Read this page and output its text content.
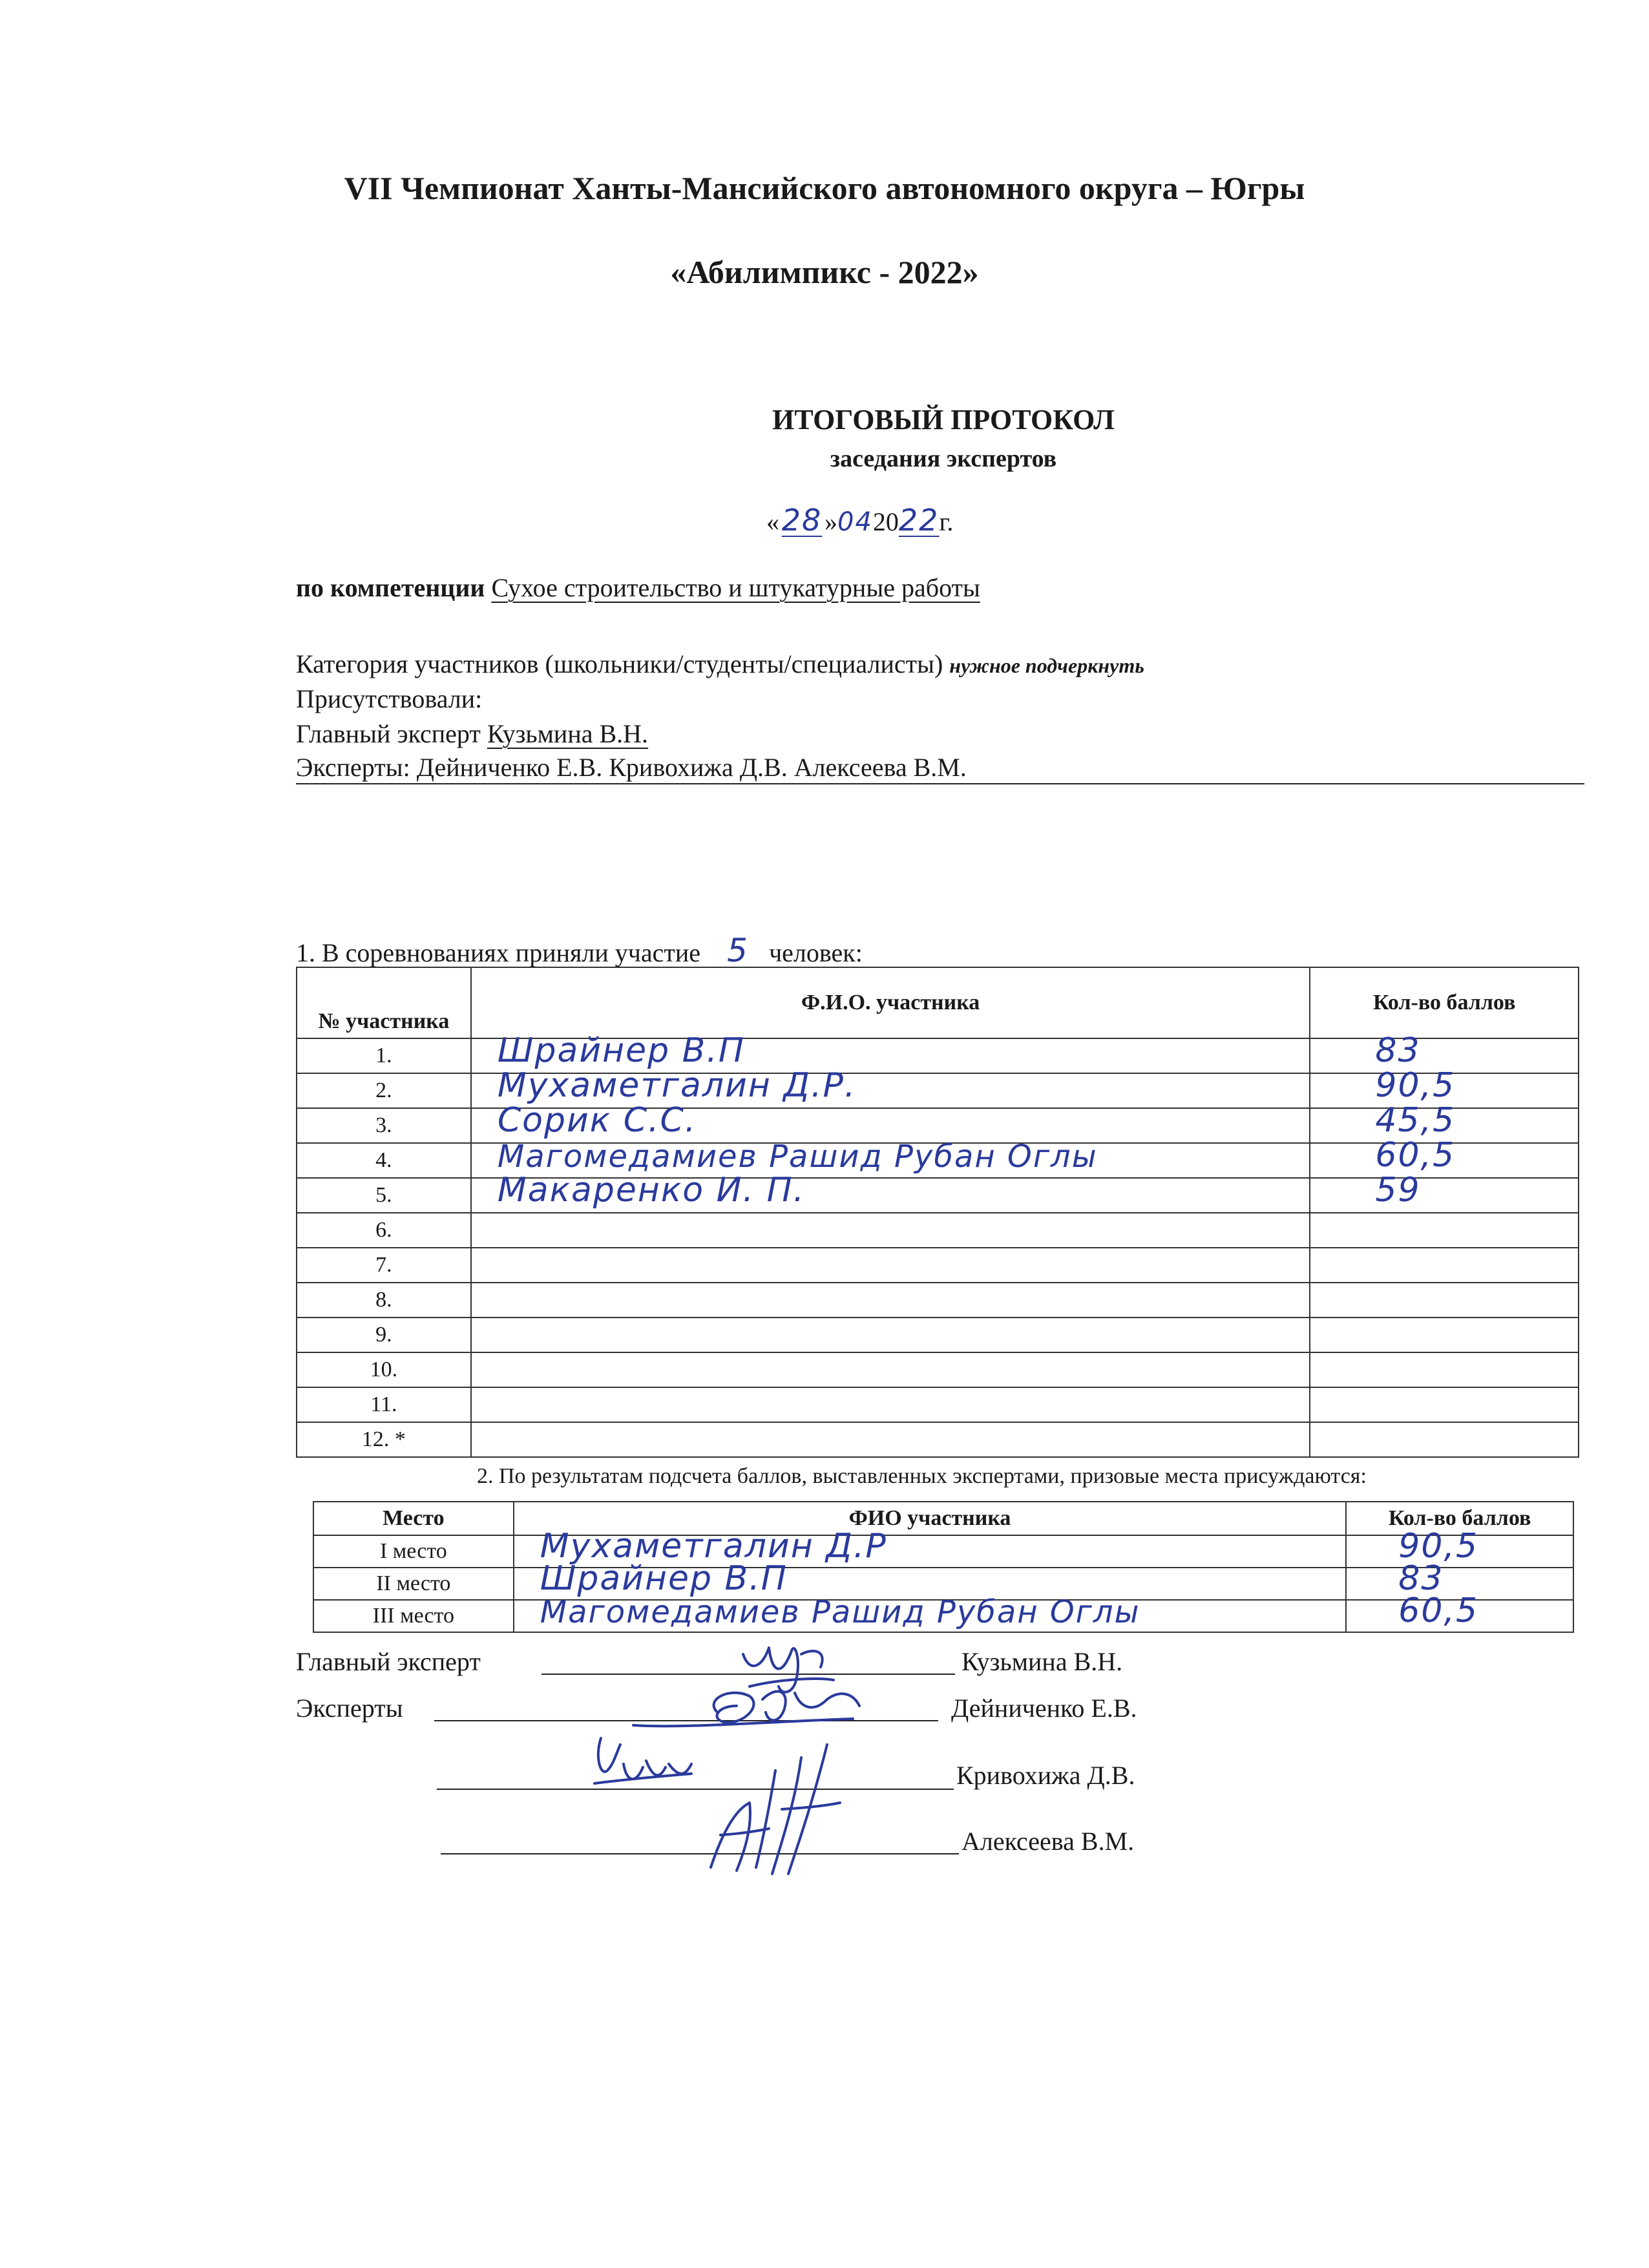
VII Чемпионат Ханты-Мансийского автономного округа – Югры
«Абилимпикс - 2022»
ИТОГОВЫЙ ПРОТОКОЛ
заседания экспертов
«28»042022г.
по компетенции Сухое строительство и штукатурные работы
Категория участников (школьники/студенты/специалисты) нужное подчеркнуть
Присутствовали:
Главный эксперт Кузьмина В.Н.
Эксперты: Дейниченко Е.В. Кривохижа Д.В. Алексеева В.М.
1. В соревнованиях приняли участие 5 человек:
№ участника	Ф.И.О. участника	Кол-во баллов
1.	Шрайнер В.П	83

2.	Мухаметгалин Д.Р.	90,5

3.	Сорик С.С.	45,5

4.	Магомедамиев Рашид Рубан Оглы	60,5

5.	Макаренко И. П.	59

6.		
7.		
8.		
9.		
10.		
11.		
12. *		
2. По результатам подсчета баллов, выставленных экспертами, призовые места присуждаются:
Место	ФИО участника	Кол-во баллов
I место	Мухаметгалин Д.Р	90,5

II место	Шрайнер В.П	83

III место	Магомедамиев Рашид Рубан Оглы	60,5
Главный эксперт	Кузьмина В.Н.
Эксперты	Дейниченко Е.В.
Кривохижа Д.В.
Алексеева В.М.
